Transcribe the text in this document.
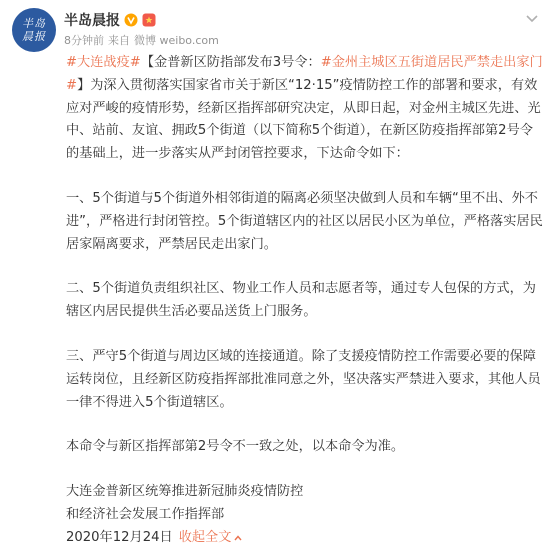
半岛晨报
半岛晨报
8分钟前 来自 微博 weibo.com

#大连战疫#【金普新区防指部发布3号令：#金州主城区五街道居民严禁走出家门#】为深入贯彻落实国家省市关于新区“12·15”疫情防控工作的部署和要求，有效应对严峻的疫情形势，经新区指挥部研究决定，从即日起，对金州主城区先进、光中、站前、友谊、拥政5个街道（以下简称5个街道），在新区防疫指挥部第2号令的基础上，进一步落实从严封闭管控要求，下达命令如下：

一、5个街道与5个街道外相邻街道的隔离必须坚决做到人员和车辆“里不出、外不进”，严格进行封闭管控。5个街道辖区内的社区以居民小区为单位，严格落实居民居家隔离要求，严禁居民走出家门。

二、5个街道负责组织社区、物业工作人员和志愿者等，通过专人包保的方式，为辖区内居民提供生活必要品送货上门服务。

三、严守5个街道与周边区域的连接通道。除了支援疫情防控工作需要必要的保障运转岗位，且经新区防疫指挥部批准同意之外，坚决落实严禁进入要求，其他人员一律不得进入5个街道辖区。

本命令与新区指挥部第2号令不一致之处，以本命令为准。

大连金普新区统筹推进新冠肺炎疫情防控

和经济社会发展工作指挥部

2020年12月24日 收起全文
